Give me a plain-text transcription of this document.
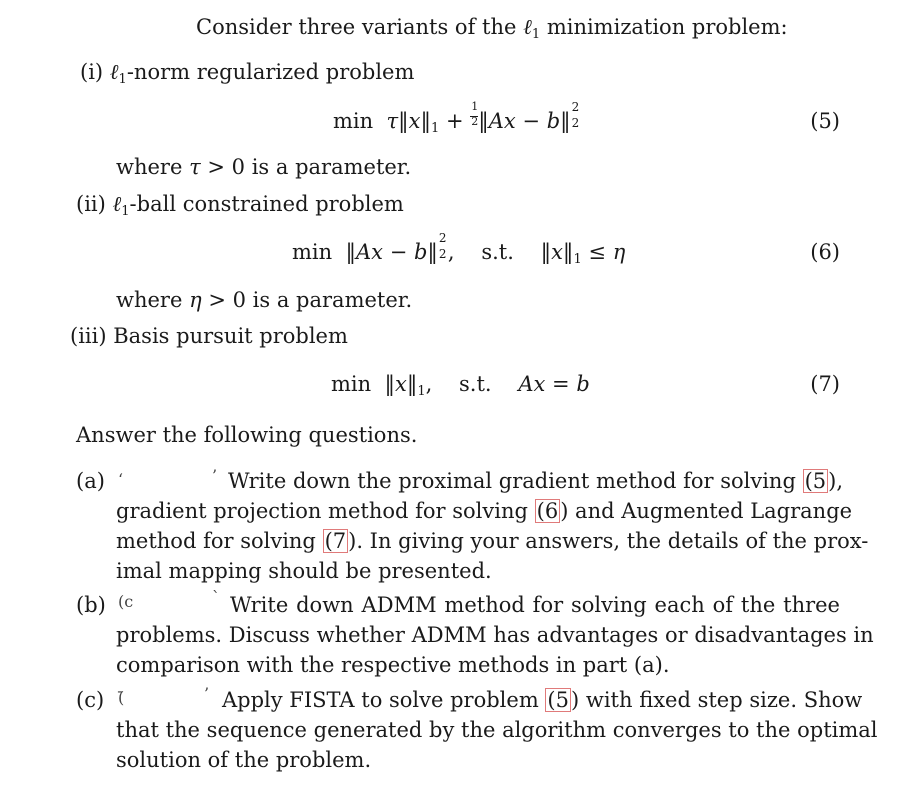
Consider three variants of the ℓ$_1$ minimization problem:
(i) ℓ$_1$-norm regularized problem
$\min \tau‖x‖_1 + \frac{1}{2}$ ‖Ax − b‖
2
2	(5)
where τ > 0 is a parameter.
(ii) ℓ$_1$-ball constrained problem
min ‖Ax − b‖
2
2 , s.t. $‖x‖_1 \le \eta$	(6)
where η > 0 is a parameter.
(iii) Basis pursuit problem
$\min ‖x‖_1$, s.t. Ax = b	(7)
Answer the following questions.
(a) ‘	’ Write down the proximal gradient method for solving (5),
gradient projection method for solving (6) and Augmented Lagrange
method for solving (7). In giving your answers, the details of the prox-
imal mapping should be presented.
(b) (c	` Write down ADMM method for solving each of the three
problems. Discuss whether ADMM has advantages or disadvantages in
comparison with the respective methods in part (a).
(c) (̄	’ Apply FISTA to solve problem (5) with fixed step size. Show
that the sequence generated by the algorithm converges to the optimal
solution of the problem.
